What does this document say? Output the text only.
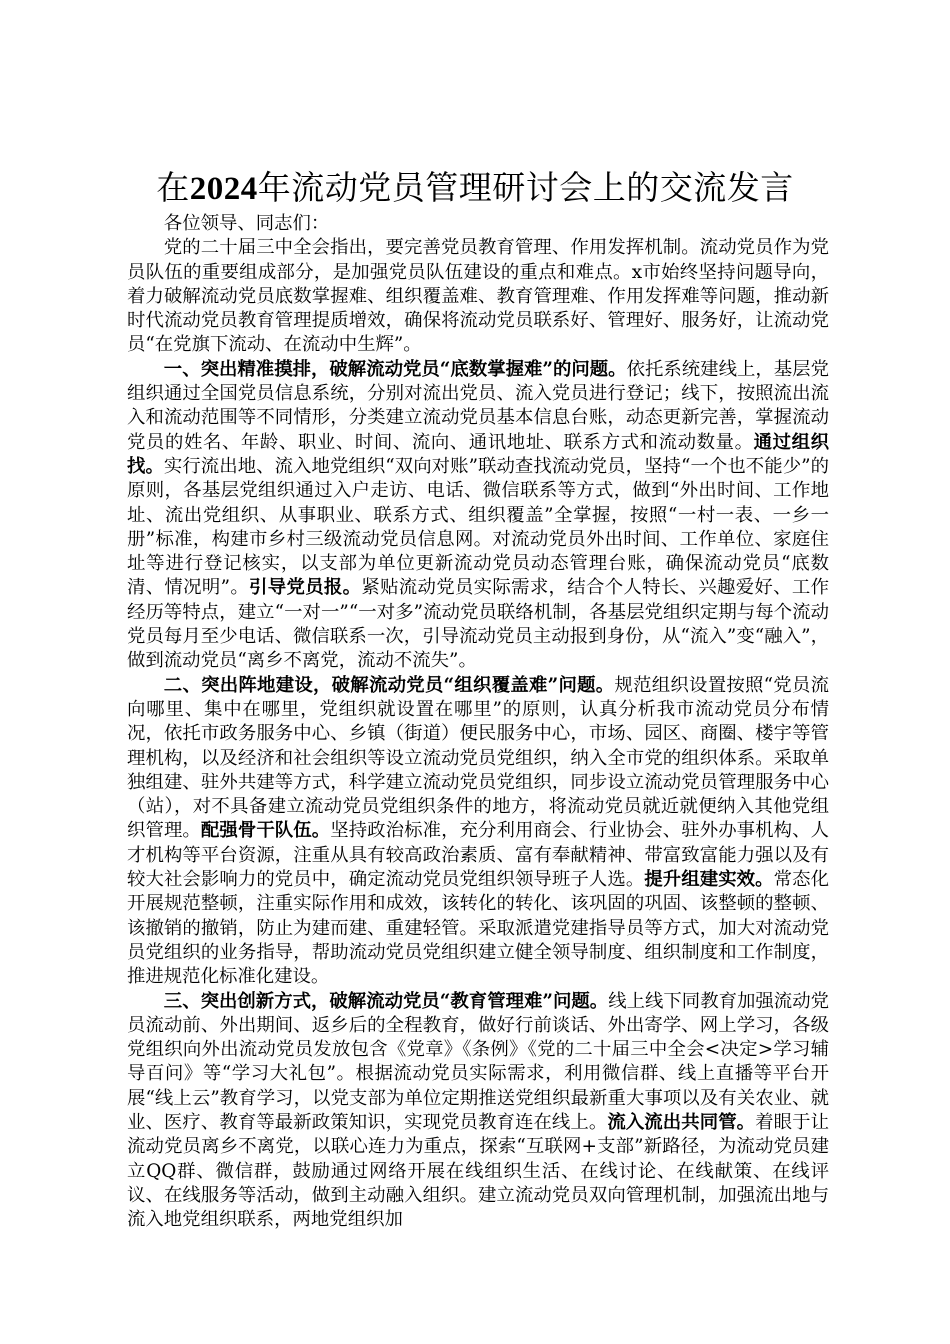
在2024年流动党员管理研讨会上的交流发言

各位领导、同志们：

党的二十届三中全会指出，要完善党员教育管理、作用发挥机制。流动党员作为党员队伍的重要组成部分，是加强党员队伍建设的重点和难点。x市始终坚持问题导向，着力破解流动党员底数掌握难、组织覆盖难、教育管理难、作用发挥难等问题，推动新时代流动党员教育管理提质增效，确保将流动党员联系好、管理好、服务好，让流动党员“在党旗下流动、在流动中生辉”。

一、突出精准摸排，破解流动党员“底数掌握难”的问题。依托系统建线上，基层党组织通过全国党员信息系统，分别对流出党员、流入党员进行登记；线下，按照流出流入和流动范围等不同情形，分类建立流动党员基本信息台账，动态更新完善，掌握流动党员的姓名、年龄、职业、时间、流向、通讯地址、联系方式和流动数量。通过组织找。实行流出地、流入地党组织“双向对账”联动查找流动党员，坚持“一个也不能少”的原则，各基层党组织通过入户走访、电话、微信联系等方式，做到“外出时间、工作地址、流出党组织、从事职业、联系方式、组织覆盖”全掌握，按照“一村一表、一乡一册”标准，构建市乡村三级流动党员信息网。对流动党员外出时间、工作单位、家庭住址等进行登记核实，以支部为单位更新流动党员动态管理台账，确保流动党员“底数清、情况明”。引导党员报。紧贴流动党员实际需求，结合个人特长、兴趣爱好、工作经历等特点，建立“一对一”“一对多”流动党员联络机制，各基层党组织定期与每个流动党员每月至少电话、微信联系一次，引导流动党员主动报到身份，从“流入”变“融入”，做到流动党员“离乡不离党，流动不流失”。

二、突出阵地建设，破解流动党员“组织覆盖难”问题。规范组织设置按照“党员流向哪里、集中在哪里，党组织就设置在哪里”的原则，认真分析我市流动党员分布情况，依托市政务服务中心、乡镇（街道）便民服务中心，市场、园区、商圈、楼宇等管理机构，以及经济和社会组织等设立流动党员党组织，纳入全市党的组织体系。采取单独组建、驻外共建等方式，科学建立流动党员党组织，同步设立流动党员管理服务中心（站），对不具备建立流动党员党组织条件的地方，将流动党员就近就便纳入其他党组织管理。配强骨干队伍。坚持政治标准，充分利用商会、行业协会、驻外办事机构、人才机构等平台资源，注重从具有较高政治素质、富有奉献精神、带富致富能力强以及有较大社会影响力的党员中，确定流动党员党组织领导班子人选。提升组建实效。常态化开展规范整顿，注重实际作用和成效，该转化的转化、该巩固的巩固、该整顿的整顿、该撤销的撤销，防止为建而建、重建轻管。采取派遣党建指导员等方式，加大对流动党员党组织的业务指导，帮助流动党员党组织建立健全领导制度、组织制度和工作制度，推进规范化标准化建设。

三、突出创新方式，破解流动党员“教育管理难”问题。线上线下同教育加强流动党员流动前、外出期间、返乡后的全程教育，做好行前谈话、外出寄学、网上学习，各级党组织向外出流动党员发放包含《党章》《条例》《党的二十届三中全会<决定>学习辅导百问》等“学习大礼包”。根据流动党员实际需求，利用微信群、线上直播等平台开展“线上云”教育学习，以党支部为单位定期推送党组织最新重大事项以及有关农业、就业、医疗、教育等最新政策知识，实现党员教育连在线上。流入流出共同管。着眼于让流动党员离乡不离党，以联心连力为重点，探索“互联网+支部”新路径，为流动党员建立QQ群、微信群，鼓励通过网络开展在线组织生活、在线讨论、在线献策、在线评议、在线服务等活动，做到主动融入组织。建立流动党员双向管理机制，加强流出地与流入地党组织联系，两地党组织加
